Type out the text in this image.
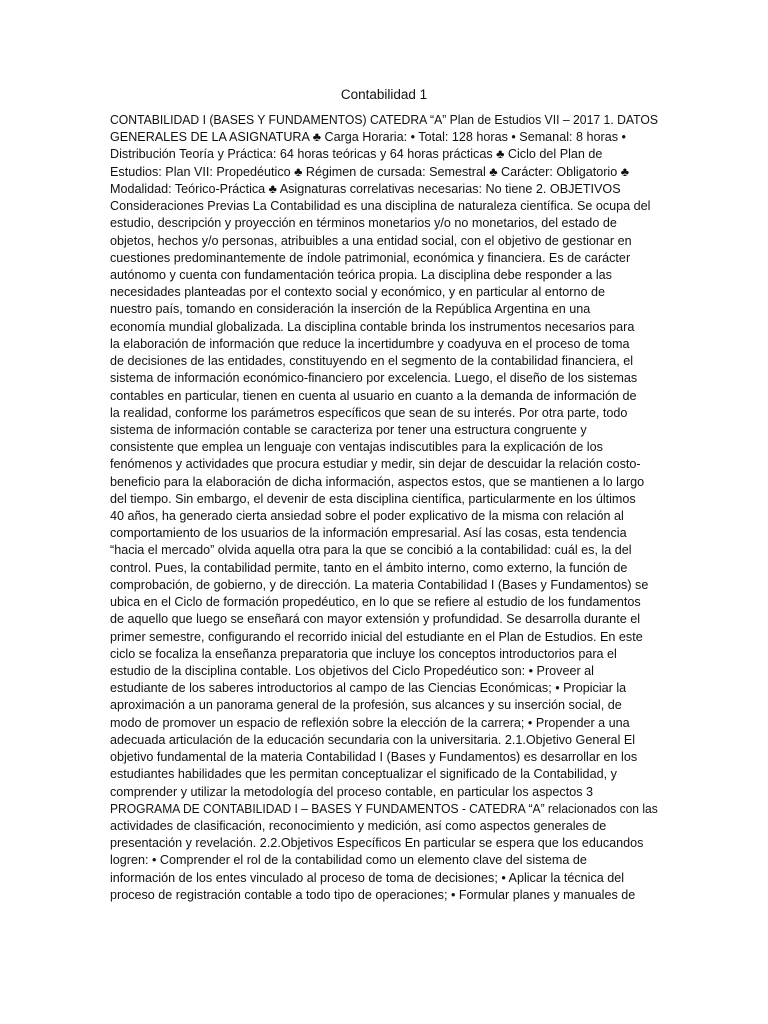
Contabilidad 1
CONTABILIDAD I (BASES Y FUNDAMENTOS) CATEDRA “A” Plan de Estudios VII – 2017 1. DATOS
GENERALES DE LA ASIGNATURA ♣ Carga Horaria: • Total: 128 horas • Semanal: 8 horas •
Distribución Teoría y Práctica: 64 horas teóricas y 64 horas prácticas ♣ Ciclo del Plan de
Estudios: Plan VII: Propedéutico ♣ Régimen de cursada: Semestral ♣ Carácter: Obligatorio ♣
Modalidad: Teórico-Práctica ♣ Asignaturas correlativas necesarias: No tiene 2. OBJETIVOS
Consideraciones Previas La Contabilidad es una disciplina de naturaleza científica. Se ocupa del
estudio, descripción y proyección en términos monetarios y/o no monetarios, del estado de
objetos, hechos y/o personas, atribuibles a una entidad social, con el objetivo de gestionar en
cuestiones predominantemente de índole patrimonial, económica y financiera. Es de carácter
autónomo y cuenta con fundamentación teórica propia. La disciplina debe responder a las
necesidades planteadas por el contexto social y económico, y en particular al entorno de
nuestro país, tomando en consideración la inserción de la República Argentina en una
economía mundial globalizada. La disciplina contable brinda los instrumentos necesarios para
la elaboración de información que reduce la incertidumbre y coadyuva en el proceso de toma
de decisiones de las entidades, constituyendo en el segmento de la contabilidad financiera, el
sistema de información económico-financiero por excelencia. Luego, el diseño de los sistemas
contables en particular, tienen en cuenta al usuario en cuanto a la demanda de información de
la realidad, conforme los parámetros específicos que sean de su interés. Por otra parte, todo
sistema de información contable se caracteriza por tener una estructura congruente y
consistente que emplea un lenguaje con ventajas indiscutibles para la explicación de los
fenómenos y actividades que procura estudiar y medir, sin dejar de descuidar la relación costo-
beneficio para la elaboración de dicha información, aspectos estos, que se mantienen a lo largo
del tiempo. Sin embargo, el devenir de esta disciplina científica, particularmente en los últimos
40 años, ha generado cierta ansiedad sobre el poder explicativo de la misma con relación al
comportamiento de los usuarios de la información empresarial. Así las cosas, esta tendencia
“hacia el mercado” olvida aquella otra para la que se concibió a la contabilidad: cuál es, la del
control. Pues, la contabilidad permite, tanto en el ámbito interno, como externo, la función de
comprobación, de gobierno, y de dirección. La materia Contabilidad I (Bases y Fundamentos) se
ubica en el Ciclo de formación propedéutico, en lo que se refiere al estudio de los fundamentos
de aquello que luego se enseñará con mayor extensión y profundidad. Se desarrolla durante el
primer semestre, configurando el recorrido inicial del estudiante en el Plan de Estudios. En este
ciclo se focaliza la enseñanza preparatoria que incluye los conceptos introductorios para el
estudio de la disciplina contable. Los objetivos del Ciclo Propedéutico son: • Proveer al
estudiante de los saberes introductorios al campo de las Ciencias Económicas; • Propiciar la
aproximación a un panorama general de la profesión, sus alcances y su inserción social, de
modo de promover un espacio de reflexión sobre la elección de la carrera; • Propender a una
adecuada articulación de la educación secundaria con la universitaria. 2.1.Objetivo General El
objetivo fundamental de la materia Contabilidad I (Bases y Fundamentos) es desarrollar en los
estudiantes habilidades que les permitan conceptualizar el significado de la Contabilidad, y
comprender y utilizar la metodología del proceso contable, en particular los aspectos 3
PROGRAMA DE CONTABILIDAD I – BASES Y FUNDAMENTOS - CATEDRA “A” relacionados con las
actividades de clasificación, reconocimiento y medición, así como aspectos generales de
presentación y revelación. 2.2.Objetivos Específicos En particular se espera que los educandos
logren: • Comprender el rol de la contabilidad como un elemento clave del sistema de
información de los entes vinculado al proceso de toma de decisiones; • Aplicar la técnica del
proceso de registración contable a todo tipo de operaciones; • Formular planes y manuales de
